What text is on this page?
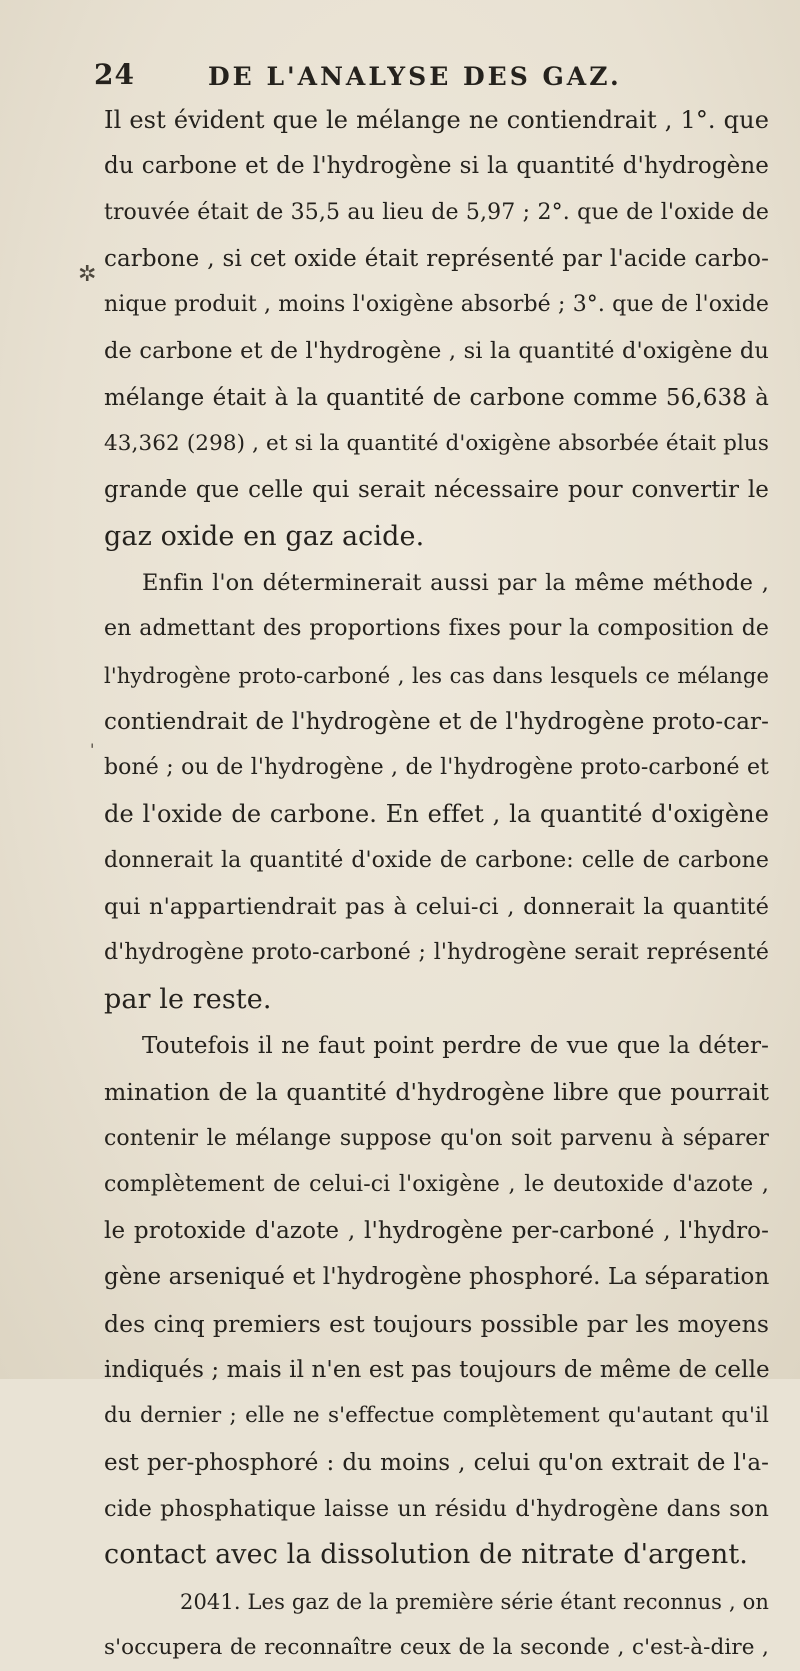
24	DE L'ANALYSE DES GAZ.
✲
'
Il est évident que le mélange ne contiendrait , 1°. que
du carbone et de l'hydrogène si la quantité d'hydrogène
trouvée était de 35,5 au lieu de 5,97 ; 2°. que de l'oxide de
carbone , si cet oxide était représenté par l'acide carbo-
nique produit , moins l'oxigène absorbé ; 3°. que de l'oxide
de carbone et de l'hydrogène , si la quantité d'oxigène du
mélange était à la quantité de carbone comme 56,638 à
43,362 (298) , et si la quantité d'oxigène absorbée était plus
grande que celle qui serait nécessaire pour convertir le
gaz oxide en gaz acide.
Enfin l'on déterminerait aussi par la même méthode ,
en admettant des proportions fixes pour la composition de
l'hydrogène proto-carboné , les cas dans lesquels ce mélange
contiendrait de l'hydrogène et de l'hydrogène proto-car-
boné ; ou de l'hydrogène , de l'hydrogène proto-carboné et
de l'oxide de carbone. En effet , la quantité d'oxigène
donnerait la quantité d'oxide de carbone: celle de carbone
qui n'appartiendrait pas à celui-ci , donnerait la quantité
d'hydrogène proto-carboné ; l'hydrogène serait représenté
par le reste.
Toutefois il ne faut point perdre de vue que la déter-
mination de la quantité d'hydrogène libre que pourrait
contenir le mélange suppose qu'on soit parvenu à séparer
complètement de celui-ci l'oxigène , le deutoxide d'azote ,
le protoxide d'azote , l'hydrogène per-carboné , l'hydro-
gène arseniqué et l'hydrogène phosphoré. La séparation
des cinq premiers est toujours possible par les moyens
indiqués ; mais il n'en est pas toujours de même de celle
du dernier ; elle ne s'effectue complètement qu'autant qu'il
est per-phosphoré : du moins , celui qu'on extrait de l'a-
cide phosphatique laisse un résidu d'hydrogène dans son
contact avec la dissolution de nitrate d'argent.
2041. Les gaz de la première série étant reconnus , on
s'occupera de reconnaître ceux de la seconde , c'est-à-dire ,
